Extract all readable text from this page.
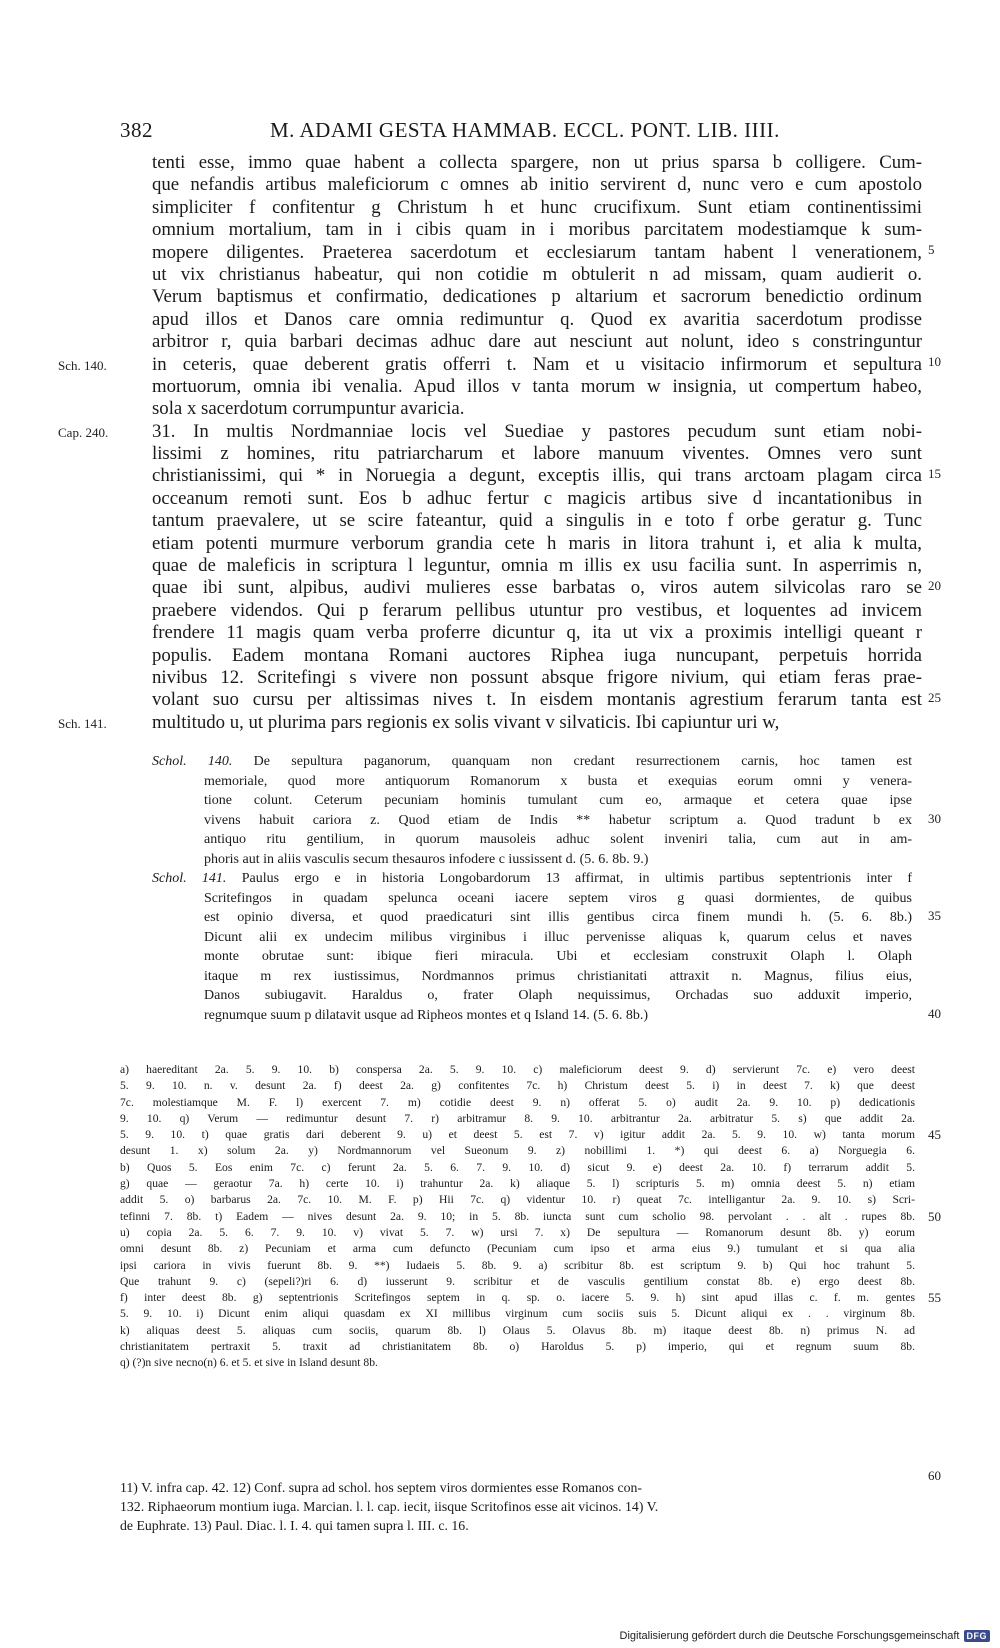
382	M. ADAMI GESTA HAMMAB. ECCL. PONT. LIB. IIII.
tenti esse, immo quae habent a collecta spargere, non ut prius sparsa b colligere. Cum-
que nefandis artibus maleficiorum c omnes ab initio servirent d, nunc vero e cum apostolo
simpliciter f confitentur g Christum h et hunc crucifixum. Sunt etiam continentissimi
omnium mortalium, tam in i cibis quam in i moribus parcitatem modestiamque k sum-
mopere diligentes. Praeterea sacerdotum et ecclesiarum tantam habent l venerationem,
ut vix christianus habeatur, qui non cotidie m obtulerit n ad missam, quam audierit o.
Verum baptismus et confirmatio, dedicationes p altarium et sacrorum benedictio ordinum
apud illos et Danos care omnia redimuntur q. Quod ex avaritia sacerdotum prodisse
arbitror r, quia barbari decimas adhuc dare aut nesciunt aut nolunt, ideo s constringuntur
in ceteris, quae deberent gratis offerri t. Nam et u visitacio infirmorum et sepultura
mortuorum, omnia ibi venalia. Apud illos v tanta morum w insignia, ut compertum habeo,
sola x sacerdotum corrumpuntur avaricia.
31. In multis Nordmanniae locis vel Suediae y pastores pecudum sunt etiam nobi-
lissimi z homines, ritu patriarcharum et labore manuum viventes. Omnes vero sunt
christianissimi, qui * in Noruegia a degunt, exceptis illis, qui trans arctoam plagam circa
occeanum remoti sunt. Eos b adhuc fertur c magicis artibus sive d incantationibus in
tantum praevalere, ut se scire fateantur, quid a singulis in e toto f orbe geratur g. Tunc
etiam potenti murmure verborum grandia cete h maris in litora trahunt i, et alia k multa,
quae de maleficis in scriptura l leguntur, omnia m illis ex usu facilia sunt. In asperrimis n,
quae ibi sunt, alpibus, audivi mulieres esse barbatas o, viros autem silvicolas raro se
praebere videndos. Qui p ferarum pellibus utuntur pro vestibus, et loquentes ad invicem
frendere 11 magis quam verba proferre dicuntur q, ita ut vix a proximis intelligi queant r
populis. Eadem montana Romani auctores Riphea iuga nuncupant, perpetuis horrida
nivibus 12. Scritefingi s vivere non possunt absque frigore nivium, qui etiam feras prae-
volant suo cursu per altissimas nives t. In eisdem montanis agrestium ferarum tanta est
multitudo u, ut plurima pars regionis ex solis vivant v silvaticis. Ibi capiuntur uri w,
Sch. 140.
Cap. 240.
Sch. 141.
5
10
15
20
25
Schol. 140. De sepultura paganorum, quanquam non credant resurrectionem carnis, hoc tamen est
memoriale, quod more antiquorum Romanorum x busta et exequias eorum omni y venera-
tione colunt. Ceterum pecuniam hominis tumulant cum eo, armaque et cetera quae ipse
vivens habuit cariora z. Quod etiam de Indis ** habetur scriptum a. Quod tradunt b ex
antiquo ritu gentilium, in quorum mausoleis adhuc solent inveniri talia, cum aut in am-
phoris aut in aliis vasculis secum thesauros infodere c iussissent d. (5. 6. 8b. 9.)
Schol. 141. Paulus ergo e in historia Longobardorum 13 affirmat, in ultimis partibus septentrionis inter f
Scritefingos in quadam spelunca oceani iacere septem viros g quasi dormientes, de quibus
est opinio diversa, et quod praedicaturi sint illis gentibus circa finem mundi h. (5. 6. 8b.)
Dicunt alii ex undecim milibus virginibus i illuc pervenisse aliquas k, quarum celus et naves
monte obrutae sunt: ibique fieri miracula. Ubi et ecclesiam construxit Olaph l. Olaph
itaque m rex iustissimus, Nordmannos primus christianitati attraxit n. Magnus, filius eius,
Danos subiugavit. Haraldus o, frater Olaph nequissimus, Orchadas suo adduxit imperio,
regnumque suum p dilatavit usque ad Ripheos montes et q Island 14. (5. 6. 8b.)
30
35
40
a) haereditant 2a. 5. 9. 10. b) conspersa 2a. 5. 9. 10. c) maleficiorum deest 9. d) servierunt 7c. e) vero deest
5. 9. 10. n. v. desunt 2a. f) deest 2a. g) confitentes 7c. h) Christum deest 5. i) in deest 7. k) que deest
7c. molestiamque M. F. l) exercent 7. m) cotidie deest 9. n) offerat 5. o) audit 2a. 9. 10. p) dedicationis
9. 10. q) Verum — redimuntur desunt 7. r) arbitramur 8. 9. 10. arbitrantur 2a. arbitratur 5. s) que addit 2a.
5. 9. 10. t) quae gratis dari deberent 9. u) et deest 5. est 7. v) igitur addit 2a. 5. 9. 10. w) tanta morum
desunt 1. x) solum 2a. y) Nordmannorum vel Sueonum 9. z) nobillimi 1. *) qui deest 6. a) Norguegia 6.
b) Quos 5. Eos enim 7c. c) ferunt 2a. 5. 6. 7. 9. 10. d) sicut 9. e) deest 2a. 10. f) terrarum addit 5.
g) quae — geraotur 7a. h) certe 10. i) trahuntur 2a. k) aliaque 5. l) scripturis 5. m) omnia deest 5. n) etiam
addit 5. o) barbarus 2a. 7c. 10. M. F. p) Hii 7c. q) videntur 10. r) queat 7c. intelligantur 2a. 9. 10. s) Scri-
tefinni 7. 8b. t) Eadem — nives desunt 2a. 9. 10; in 5. 8b. iuncta sunt cum scholio 98. pervolant . . alt . rupes 8b.
u) copia 2a. 5. 6. 7. 9. 10. v) vivat 5. 7. w) ursi 7. x) De sepultura — Romanorum desunt 8b. y) eorum
omni desunt 8b. z) Pecuniam et arma cum defuncto (Pecuniam cum ipso et arma eius 9.) tumulant et si qua alia
ipsi cariora in vivis fuerunt 8b. 9. **) Iudaeis 5. 8b. 9. a) scribitur 8b. est scriptum 9. b) Qui hoc trahunt 5.
Que trahunt 9. c) (sepeli?)ri 6. d) iusserunt 9. scribitur et de vasculis gentilium constat 8b. e) ergo deest 8b.
f) inter deest 8b. g) septentrionis Scritefingos septem in q. sp. o. iacere 5. 9. h) sint apud illas c. f. m. gentes
5. 9. 10. i) Dicunt enim aliqui quasdam ex XI millibus virginum cum sociis suis 5. Dicunt aliqui ex . . virginum 8b.
k) aliquas deest 5. aliquas cum sociis, quarum 8b. l) Olaus 5. Olavus 8b. m) itaque deest 8b. n) primus N. ad
christianitatem pertraxit 5. traxit ad christianitatem 8b. o) Haroldus 5. p) imperio, qui et regnum suum 8b.
q) (?)n sive necno(n) 6. et 5. et sive in Island desunt 8b.
45
50
55
11) V. infra cap. 42. 12) Conf. supra ad schol. hos septem viros dormientes esse Romanos con-
132. Riphaeorum montium iuga. Marcian. l. l. cap. iecit, iisque Scritofinos esse ait vicinos. 14) V.
de Euphrate. 13) Paul. Diac. l. I. 4. qui tamen supra l. III. c. 16.
60
Digitalisierung gefördert durch die Deutsche Forschungsgemeinschaft DFG
